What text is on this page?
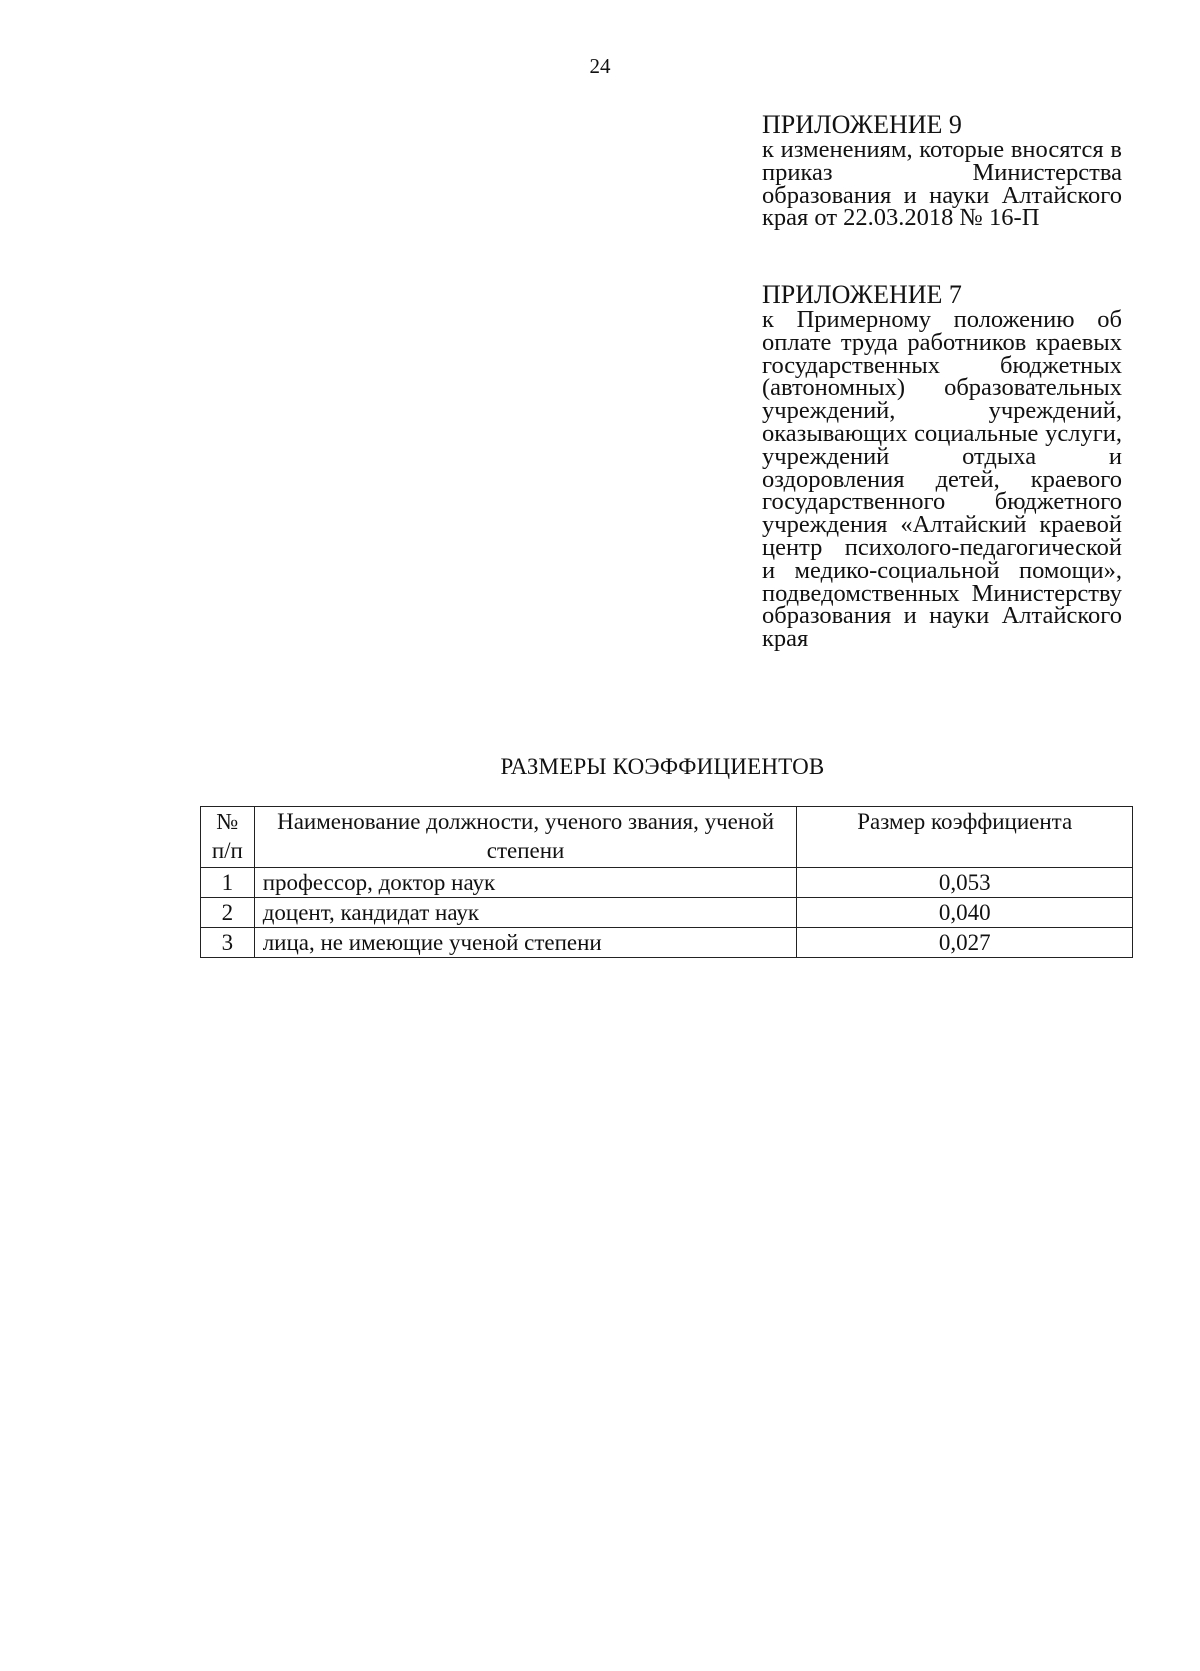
24
ПРИЛОЖЕНИЕ 9
к изменениям, которые вносятся в приказ Министерства образования и науки Алтайского края от 22.03.2018 № 16-П
ПРИЛОЖЕНИЕ 7
к Примерному положению об оплате труда работников краевых государственных бюджетных (автономных) образовательных учреждений, учреждений, оказывающих социальные услуги, учреждений отдыха и оздоровления детей, краевого государственного бюджетного учреждения «Алтайский краевой центр психолого-педагогической и медико-социальной помощи», подведомственных Министерству образования и науки Алтайского края
РАЗМЕРЫ КОЭФФИЦИЕНТОВ
№
п/п	Наименование должности, ученого звания, ученой степени	Размер коэффициента
1	профессор, доктор наук	0,053
2	доцент, кандидат наук	0,040
3	лица, не имеющие ученой степени	0,027
